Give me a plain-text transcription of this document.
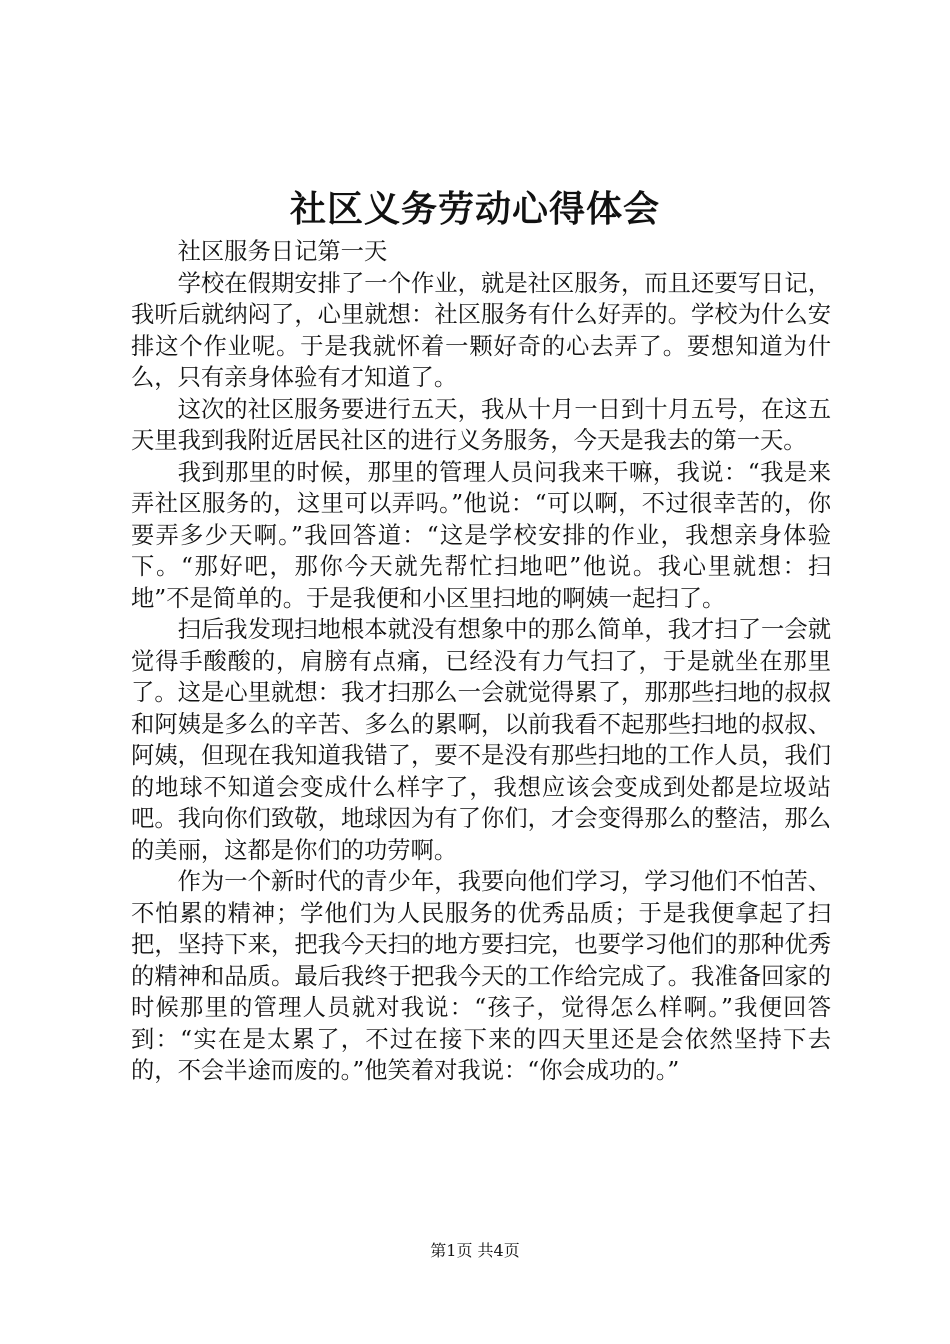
社区义务劳动心得体会

社区服务日记第一天

学校在假期安排了一个作业，就是社区服务，而且还要写日记，我听后就纳闷了，心里就想：社区服务有什么好弄的。学校为什么安排这个作业呢。于是我就怀着一颗好奇的心去弄了。要想知道为什么，只有亲身体验有才知道了。

这次的社区服务要进行五天，我从十月一日到十月五号，在这五天里我到我附近居民社区的进行义务服务，今天是我去的第一天。

我到那里的时候，那里的管理人员问我来干嘛，我说：“我是来弄社区服务的，这里可以弄吗。”他说：“可以啊，不过很幸苦的，你要弄多少天啊。”我回答道：“这是学校安排的作业，我想亲身体验下。“那好吧，那你今天就先帮忙扫地吧”他说。我心里就想：扫地”不是简单的。于是我便和小区里扫地的啊姨一起扫了。

扫后我发现扫地根本就没有想象中的那么简单，我才扫了一会就觉得手酸酸的，肩膀有点痛，已经没有力气扫了，于是就坐在那里了。这是心里就想：我才扫那么一会就觉得累了，那那些扫地的叔叔和阿姨是多么的辛苦、多么的累啊，以前我看不起那些扫地的叔叔、阿姨，但现在我知道我错了，要不是没有那些扫地的工作人员，我们的地球不知道会变成什么样字了，我想应该会变成到处都是垃圾站吧。我向你们致敬，地球因为有了你们，才会变得那么的整洁，那么的美丽，这都是你们的功劳啊。

作为一个新时代的青少年，我要向他们学习，学习他们不怕苦、不怕累的精神；学他们为人民服务的优秀品质；于是我便拿起了扫把，坚持下来，把我今天扫的地方要扫完，也要学习他们的那种优秀的精神和品质。最后我终于把我今天的工作给完成了。我准备回家的时候那里的管理人员就对我说：“孩子，觉得怎么样啊。”我便回答到：“实在是太累了，不过在接下来的四天里还是会依然坚持下去的，不会半途而废的。”他笑着对我说：“你会成功的。”

第1页 共4页
